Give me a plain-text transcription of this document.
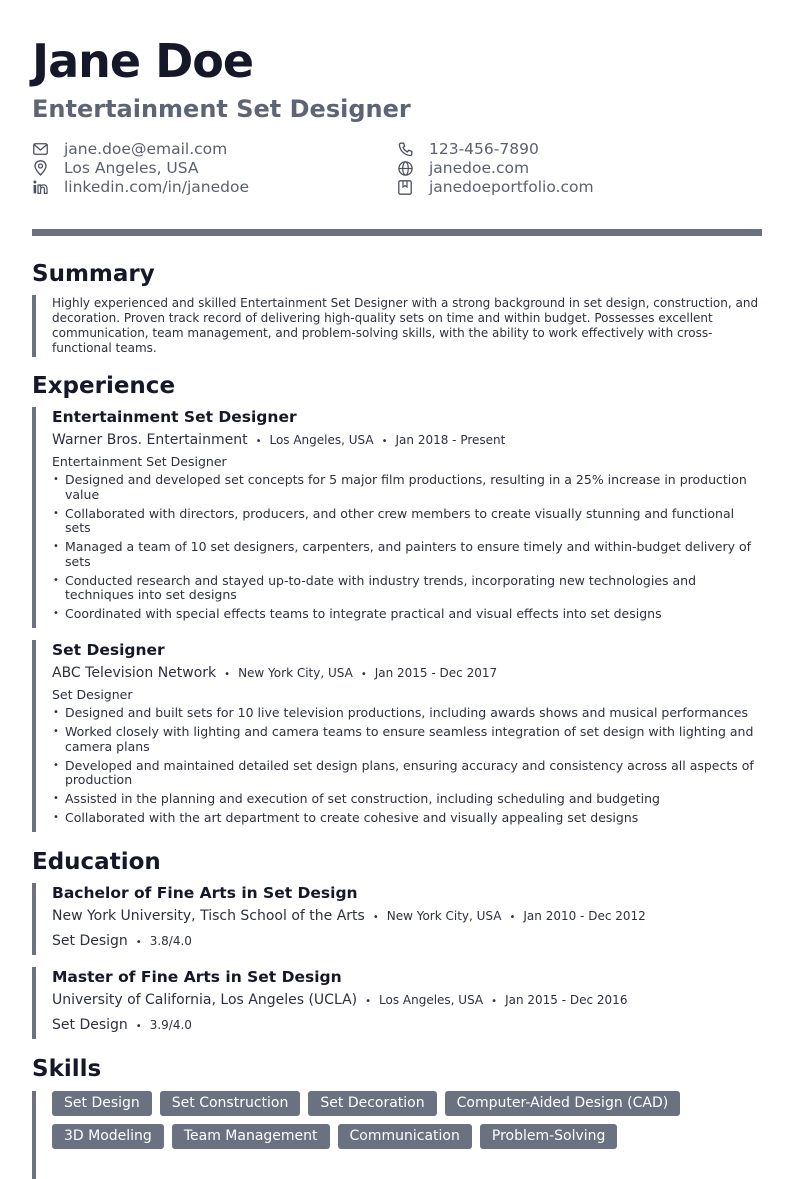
Jane Doe
Entertainment Set Designer
jane.doe@email.com	123-456-7890
Los Angeles, USA	janedoe.com
linkedin.com/in/janedoe	janedoeportfolio.com
Summary
Highly experienced and skilled Entertainment Set Designer with a strong background in set design, construction, and decoration. Proven track record of delivering high-quality sets on time and within budget. Possesses excellent communication, team management, and problem-solving skills, with the ability to work effectively with cross-functional teams.
Experience
Entertainment Set Designer
Warner Bros. Entertainment • Los Angeles, USA • Jan 2018 - Present
Entertainment Set Designer
• Designed and developed set concepts for 5 major film productions, resulting in a 25% increase in production value
• Collaborated with directors, producers, and other crew members to create visually stunning and functional sets
• Managed a team of 10 set designers, carpenters, and painters to ensure timely and within-budget delivery of sets
• Conducted research and stayed up-to-date with industry trends, incorporating new technologies and techniques into set designs
• Coordinated with special effects teams to integrate practical and visual effects into set designs
Set Designer
ABC Television Network • New York City, USA • Jan 2015 - Dec 2017
Set Designer
• Designed and built sets for 10 live television productions, including awards shows and musical performances
• Worked closely with lighting and camera teams to ensure seamless integration of set design with lighting and camera plans
• Developed and maintained detailed set design plans, ensuring accuracy and consistency across all aspects of production
• Assisted in the planning and execution of set construction, including scheduling and budgeting
• Collaborated with the art department to create cohesive and visually appealing set designs
Education
Bachelor of Fine Arts in Set Design
New York University, Tisch School of the Arts • New York City, USA • Jan 2010 - Dec 2012
Set Design • 3.8/4.0
Master of Fine Arts in Set Design
University of California, Los Angeles (UCLA) • Los Angeles, USA • Jan 2015 - Dec 2016
Set Design • 3.9/4.0
Skills
Set Design	Set Construction	Set Decoration	Computer-Aided Design (CAD)
3D Modeling	Team Management	Communication	Problem-Solving
